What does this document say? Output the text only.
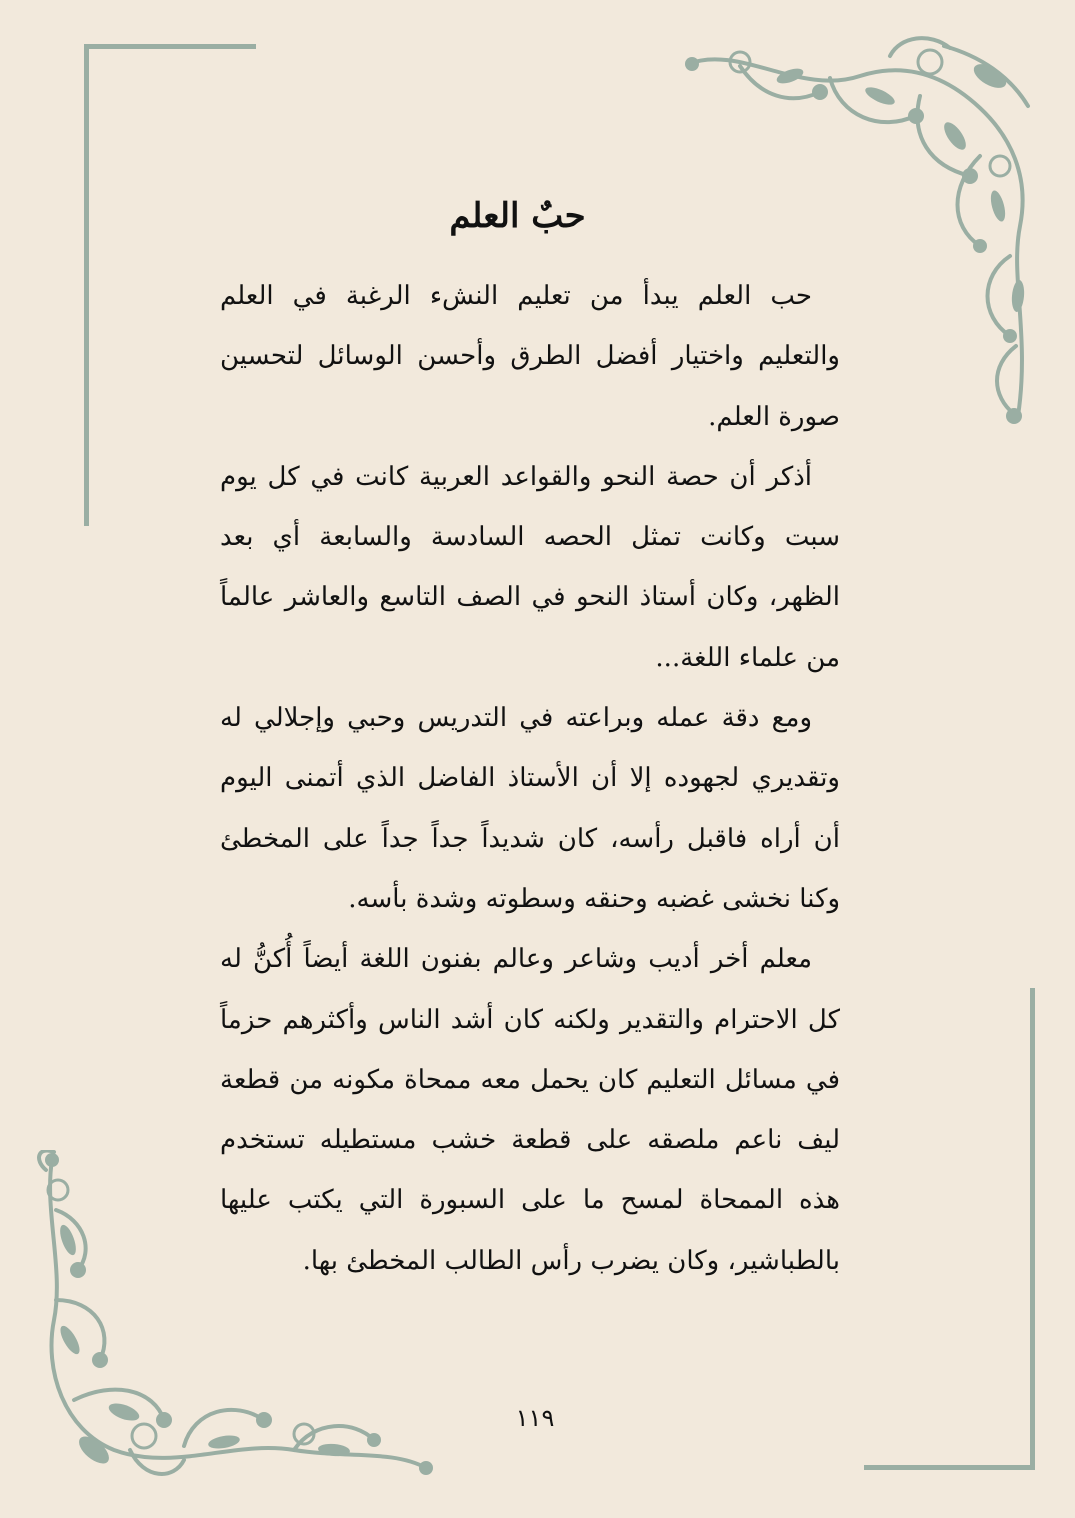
حبٌ العلم

حب العلم يبدأ من تعليم النشء الرغبة في العلم والتعليم واختيار أفضل الطرق وأحسن الوسائل لتحسين صورة العلم.

أذكر أن حصة النحو والقواعد العربية كانت في كل يوم سبت وكانت تمثل الحصه السادسة والسابعة أي بعد الظهر، وكان أستاذ النحو في الصف التاسع والعاشر عالماً من علماء اللغة...

ومع دقة عمله وبراعته في التدريس وحبي وإجلالي له وتقديري لجهوده إلا أن الأستاذ الفاضل الذي أتمنى اليوم أن أراه فاقبل رأسه، كان شديداً جداً جداً على المخطئ وكنا نخشى غضبه وحنقه وسطوته وشدة بأسه.

معلم أخر أديب وشاعر وعالم بفنون اللغة أيضاً أُكنُّ له كل الاحترام والتقدير ولكنه كان أشد الناس وأكثرهم حزماً في مسائل التعليم كان يحمل معه ممحاة مكونه من قطعة ليف ناعم ملصقه على قطعة خشب مستطيله تستخدم هذه الممحاة لمسح ما على السبورة التي يكتب عليها بالطباشير، وكان يضرب رأس الطالب المخطئ بها.

١١٩
